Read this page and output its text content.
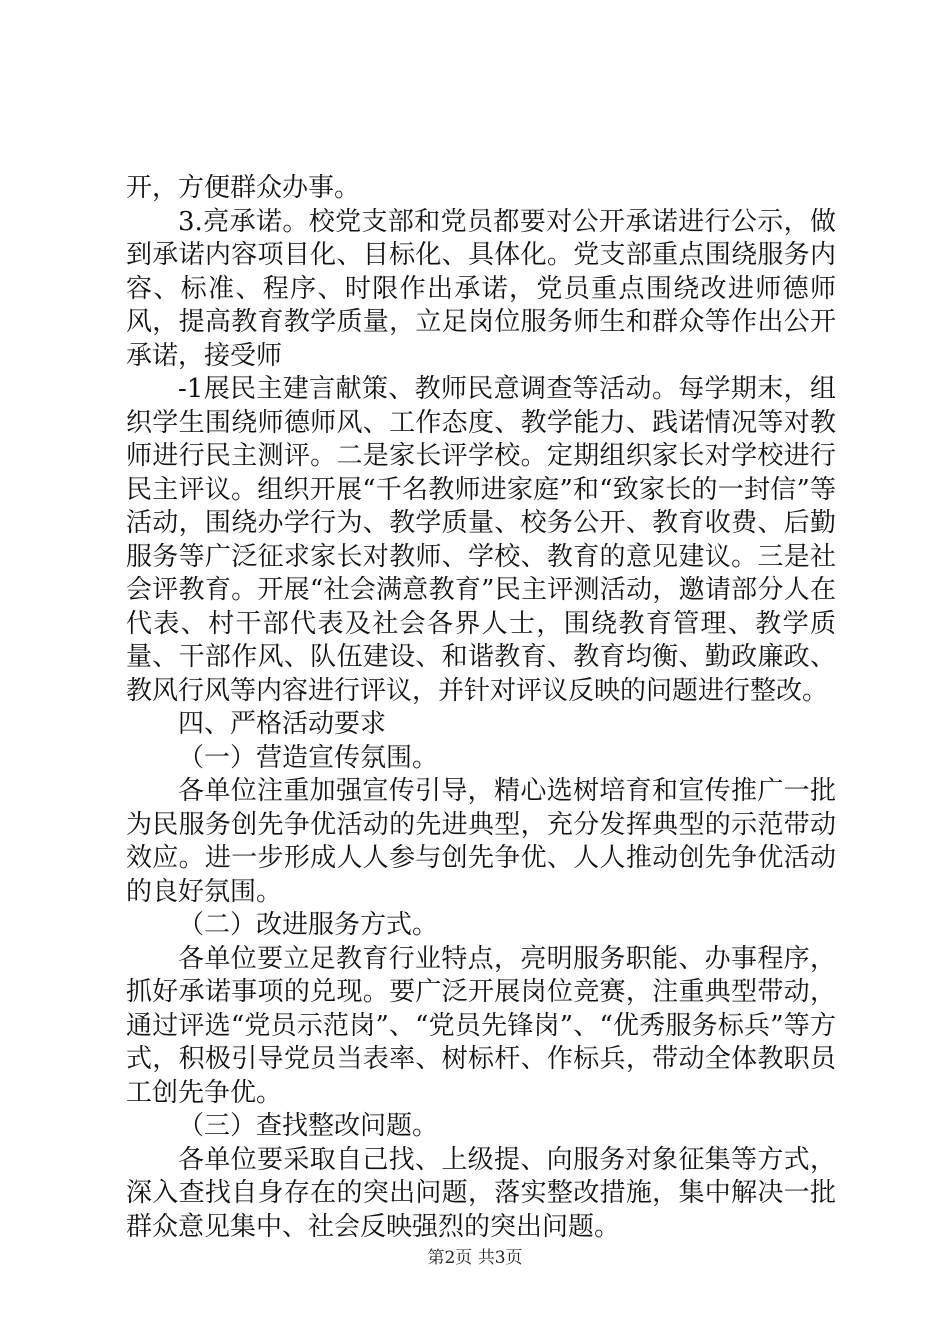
开，方便群众办事。

3.亮承诺。校党支部和党员都要对公开承诺进行公示，做到承诺内容项目化、目标化、具体化。党支部重点围绕服务内容、标准、程序、时限作出承诺，党员重点围绕改进师德师风，提高教育教学质量，立足岗位服务师生和群众等作出公开承诺，接受师

-1展民主建言献策、教师民意调查等活动。每学期末，组织学生围绕师德师风、工作态度、教学能力、践诺情况等对教师进行民主测评。二是家长评学校。定期组织家长对学校进行民主评议。组织开展“千名教师进家庭”和“致家长的一封信”等活动，围绕办学行为、教学质量、校务公开、教育收费、后勤服务等广泛征求家长对教师、学校、教育的意见建议。三是社会评教育。开展“社会满意教育”民主评测活动，邀请部分人在代表、村干部代表及社会各界人士，围绕教育管理、教学质量、干部作风、队伍建设、和谐教育、教育均衡、勤政廉政、教风行风等内容进行评议，并针对评议反映的问题进行整改。

四、严格活动要求

（一）营造宣传氛围。

各单位注重加强宣传引导，精心选树培育和宣传推广一批为民服务创先争优活动的先进典型，充分发挥典型的示范带动效应。进一步形成人人参与创先争优、人人推动创先争优活动的良好氛围。

（二）改进服务方式。

各单位要立足教育行业特点，亮明服务职能、办事程序，抓好承诺事项的兑现。要广泛开展岗位竞赛，注重典型带动，通过评选“党员示范岗”、“党员先锋岗”、“优秀服务标兵”等方式，积极引导党员当表率、树标杆、作标兵，带动全体教职员工创先争优。

（三）查找整改问题。

各单位要采取自己找、上级提、向服务对象征集等方式，深入查找自身存在的突出问题，落实整改措施，集中解决一批群众意见集中、社会反映强烈的突出问题。

第2页 共3页
